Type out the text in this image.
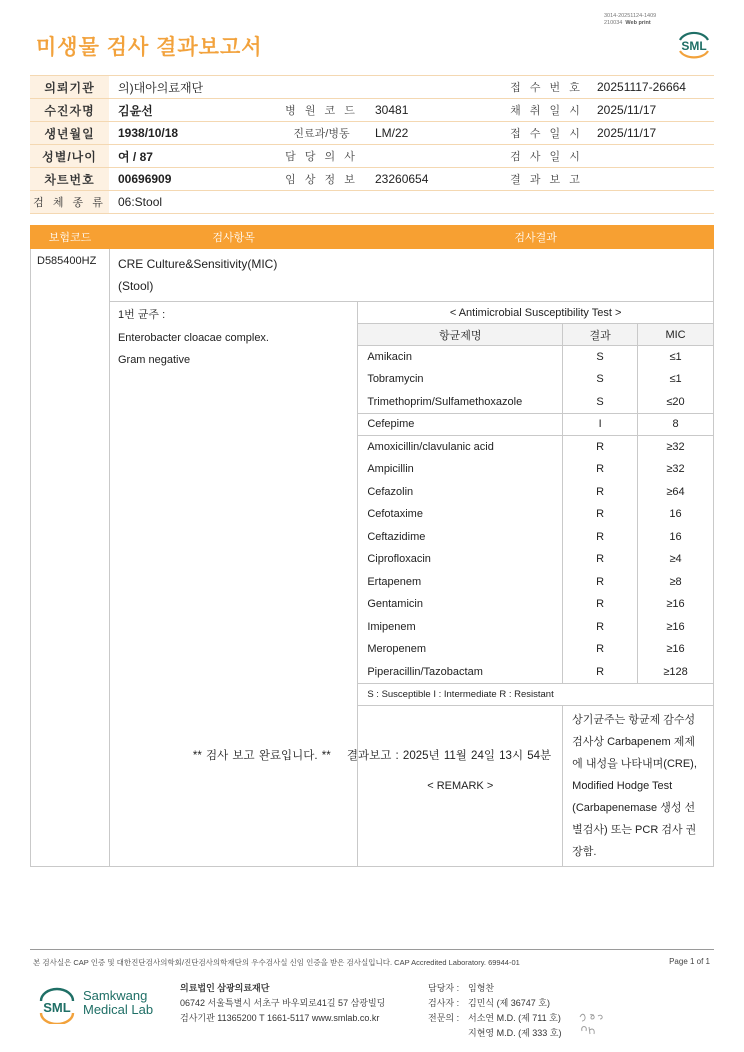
3014-20251124-1409
210034 Web print
미생물 검사 결과보고서	SML
의뢰기관	의)대아의료재단			접 수 번 호	20251117-26664
수진자명	김윤선	병 원 코 드	30481	채 취 일 시	2025/11/17
생년월일	1938/10/18	진료과/병동	LM/22	접 수 일 시	2025/11/17
성별/나이	여 / 87	담 당 의 사		검 사 일 시	
차트번호	00696909	임 상 정 보	23260654	결 과 보 고	
검 체 종 류	06:Stool				
보험코드	검사항목	검사결과		
D585400HZ	CRE Culture&Sensitivity(MIC)
(Stool)			

	1번 균주 :
Enterobacter cloacae complex.
Gram negative	< Antimicrobial Susceptibility Test >		
		항균제명	결과	MIC
		Amikacin	S	≤1
		Tobramycin	S	≤1
		Trimethoprim/Sulfamethoxazole	S	≤20
		Cefepime	I	8
		Amoxicillin/clavulanic acid	R	≥32
		Ampicillin	R	≥32
		Cefazolin	R	≥64
		Cefotaxime	R	16
		Ceftazidime	R	16
		Ciprofloxacin	R	≥4
		Ertapenem	R	≥8
		Gentamicin	R	≥16
		Imipenem	R	≥16
		Meropenem	R	≥16
		Piperacillin/Tazobactam	R	≥128
		S : Susceptible I : Intermediate R : Resistant		
		< REMARK >	상기균주는 항균제 감수성검사상 Carbapenem 제제에 내성을 나타내며(CRE),
Modified Hodge Test (Carbapenemase 생성 선별검사) 또는 PCR 검사 권장함.	
** 검사 보고 완료입니다. ** 결과보고 : 2025년 11월 24일 13시 54분
본 검사실은 CAP 인증 및 대한진단검사의학회/진단검사의학재단의 우수검사실 신임 인증을 받은 검사실입니다. CAP Accredited Laboratory. 69944-01	Page 1 of 1
SML
Samkwang
Medical Lab
의료법인 삼광의료재단
06742 서울특별시 서초구 바우뫼로41길 57 삼광빌딩
검사기관 11365200 T 1661-5117 www.smlab.co.kr
담당자 : 임형찬
검사자 : 김민식 (제 36747 호)
전문의 : 서소연 M.D. (제 711 호)
지현영 M.D. (제 333 호)
